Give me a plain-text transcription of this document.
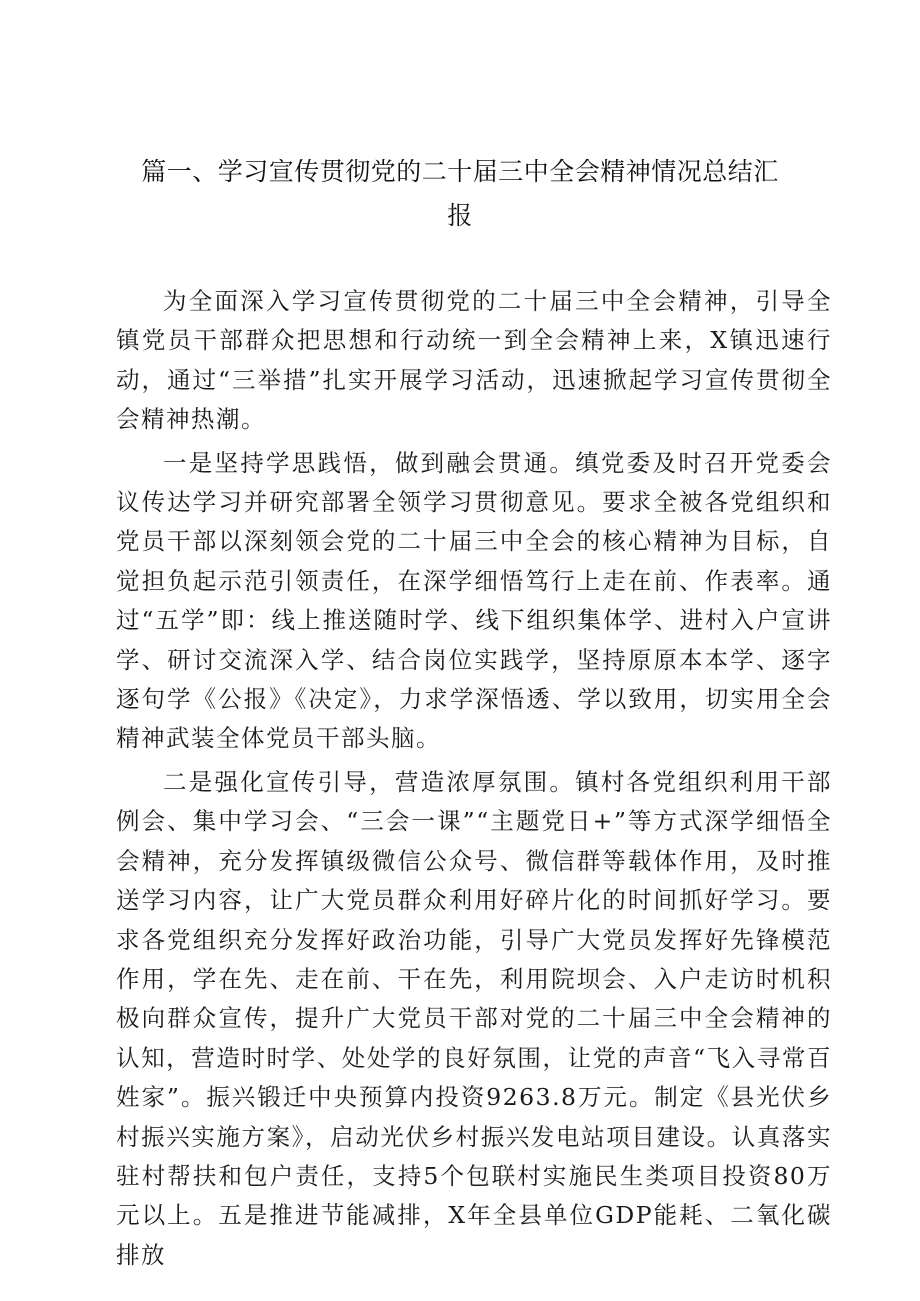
篇一、学习宣传贯彻党的二十届三中全会精神情况总结汇报

为全面深入学习宣传贯彻党的二十届三中全会精神，引导全镇党员干部群众把思想和行动统一到全会精神上来，X镇迅速行动，通过“三举措”扎实开展学习活动，迅速掀起学习宣传贯彻全会精神热潮。

一是坚持学思践悟，做到融会贯通。缜党委及时召开党委会议传达学习并研究部署全领学习贯彻意见。要求全被各党组织和党员干部以深刻领会党的二十届三中全会的核心精神为目标，自觉担负起示范引领责任，在深学细悟笃行上走在前、作表率。通过“五学”即：线上推送随时学、线下组织集体学、进村入户宣讲学、研讨交流深入学、结合岗位实践学，坚持原原本本学、逐字逐句学《公报》《决定》，力求学深悟透、学以致用，切实用全会精神武装全体党员干部头脑。

二是强化宣传引导，营造浓厚氛围。镇村各党组织利用干部例会、集中学习会、“三会一课”“主题党日+”等方式深学细悟全会精神，充分发挥镇级微信公众号、微信群等载体作用，及时推送学习内容，让广大党员群众利用好碎片化的时间抓好学习。要求各党组织充分发挥好政治功能，引导广大党员发挥好先锋模范作用，学在先、走在前、干在先，利用院坝会、入户走访时机积极向群众宣传，提升广大党员干部对党的二十届三中全会精神的认知，营造时时学、处处学的良好氛围，让党的声音“飞入寻常百姓家”。振兴锻迁中央预算内投资9263.8万元。制定《县光伏乡村振兴实施方案》，启动光伏乡村振兴发电站项目建设。认真落实驻村帮扶和包户责任，支持5个包联村实施民生类项目投资80万元以上。五是推进节能减排，X年全县单位GDP能耗、二氧化碳排放
